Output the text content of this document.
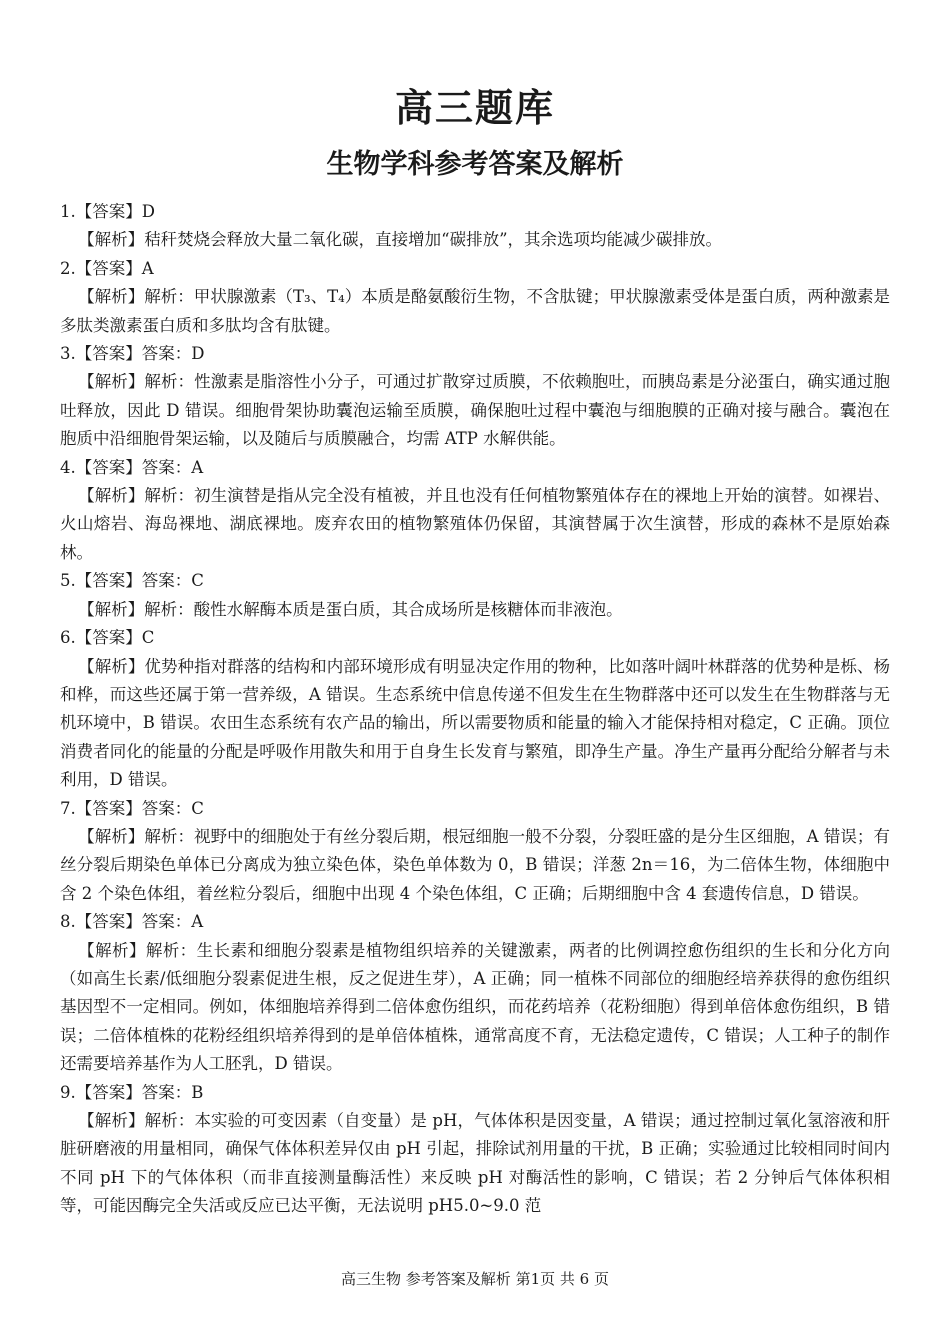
高三题库
生物学科参考答案及解析
1.【答案】D

【解析】秸秆焚烧会释放大量二氧化碳，直接增加“碳排放”，其余选项均能减少碳排放。

2.【答案】A

【解析】解析：甲状腺激素（T₃、T₄）本质是酪氨酸衍生物，不含肽键；甲状腺激素受体是蛋白质，两种激素是多肽类激素蛋白质和多肽均含有肽键。

3.【答案】答案：D

【解析】解析：性激素是脂溶性小分子，可通过扩散穿过质膜，不依赖胞吐，而胰岛素是分泌蛋白，确实通过胞吐释放，因此 D 错误。细胞骨架协助囊泡运输至质膜，确保胞吐过程中囊泡与细胞膜的正确对接与融合。囊泡在胞质中沿细胞骨架运输，以及随后与质膜融合，均需 ATP 水解供能。

4.【答案】答案：A

【解析】解析：初生演替是指从完全没有植被，并且也没有任何植物繁殖体存在的裸地上开始的演替。如裸岩、火山熔岩、海岛裸地、湖底裸地。废弃农田的植物繁殖体仍保留，其演替属于次生演替，形成的森林不是原始森林。

5.【答案】答案：C

【解析】解析：酸性水解酶本质是蛋白质，其合成场所是核糖体而非液泡。

6.【答案】C

【解析】优势种指对群落的结构和内部环境形成有明显决定作用的物种，比如落叶阔叶林群落的优势种是栎、杨和桦，而这些还属于第一营养级，A 错误。生态系统中信息传递不但发生在生物群落中还可以发生在生物群落与无机环境中，B 错误。农田生态系统有农产品的输出，所以需要物质和能量的输入才能保持相对稳定，C 正确。顶位消费者同化的能量的分配是呼吸作用散失和用于自身生长发育与繁殖，即净生产量。净生产量再分配给分解者与未利用，D 错误。

7.【答案】答案：C

【解析】解析：视野中的细胞处于有丝分裂后期，根冠细胞一般不分裂，分裂旺盛的是分生区细胞，A 错误；有丝分裂后期染色单体已分离成为独立染色体，染色单体数为 0，B 错误；洋葱 2n＝16，为二倍体生物，体细胞中含 2 个染色体组，着丝粒分裂后，细胞中出现 4 个染色体组，C 正确；后期细胞中含 4 套遗传信息，D 错误。

8.【答案】答案：A

【解析】解析：生长素和细胞分裂素是植物组织培养的关键激素，两者的比例调控愈伤组织的生长和分化方向（如高生长素/低细胞分裂素促进生根，反之促进生芽），A 正确；同一植株不同部位的细胞经培养获得的愈伤组织基因型不一定相同。例如，体细胞培养得到二倍体愈伤组织，而花药培养（花粉细胞）得到单倍体愈伤组织，B 错误；二倍体植株的花粉经组织培养得到的是单倍体植株，通常高度不育，无法稳定遗传，C 错误；人工种子的制作还需要培养基作为人工胚乳，D 错误。

9.【答案】答案：B

【解析】解析：本实验的可变因素（自变量）是 pH，气体体积是因变量，A 错误；通过控制过氧化氢溶液和肝脏研磨液的用量相同，确保气体体积差异仅由 pH 引起，排除试剂用量的干扰，B 正确；实验通过比较相同时间内不同 pH 下的气体体积（而非直接测量酶活性）来反映 pH 对酶活性的影响，C 错误；若 2 分钟后气体体积相等，可能因酶完全失活或反应已达平衡，无法说明 pH5.0~9.0 范

高三生物 参考答案及解析 第1页 共 6 页
